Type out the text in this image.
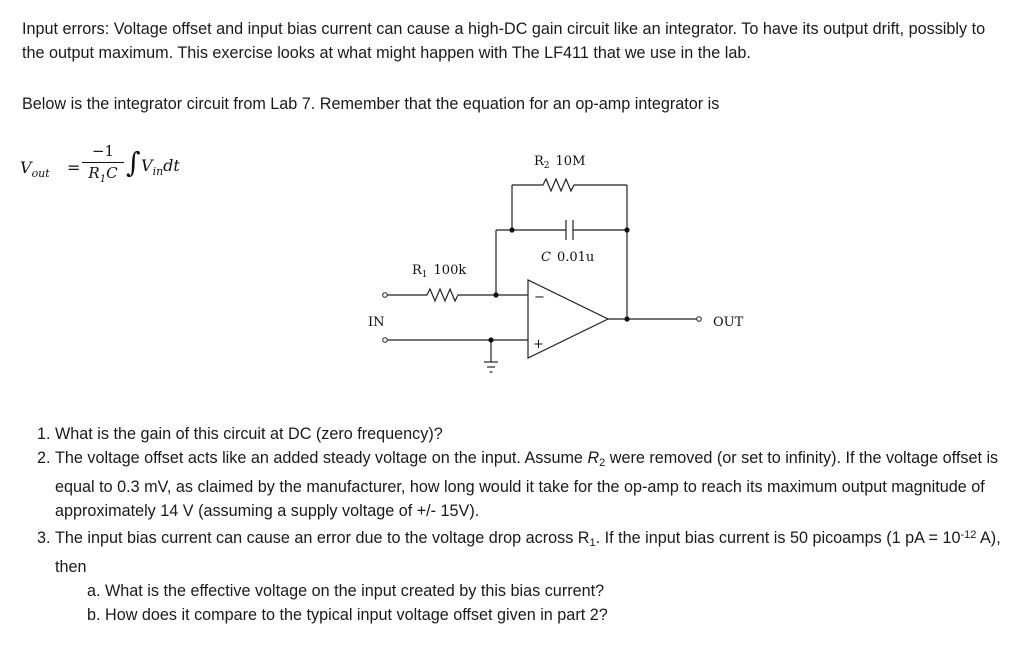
Input errors: Voltage offset and input bias current can cause a high-DC gain circuit like an integrator. To have its output drift, possibly to the output maximum. This exercise looks at what might happen with The LF411 that we use in the lab.
Below is the integrator circuit from Lab 7. Remember that the equation for an op-amp integrator is
$V_{out}$ =
−1
$R_1C$ ∫ $V_{in}dt$	$R_2$ 10M
C 0.01u
$R_1$ 100k
IN	OUT
−
+
1. What is the gain of this circuit at DC (zero frequency)?
2. The voltage offset acts like an added steady voltage on the input. Assume R2 were removed (or set to infinity). If the voltage offset is equal to 0.3 mV, as claimed by the manufacturer, how long would it take for the op-amp to reach its maximum output magnitude of approximately 14 V (assuming a supply voltage of +/- 15V).
3. The input bias current can cause an error due to the voltage drop across R1. If the input bias current is 50 picoamps (1 pA = $10^{-12}$ A), then
a. What is the effective voltage on the input created by this bias current?
b. How does it compare to the typical input voltage offset given in part 2?
